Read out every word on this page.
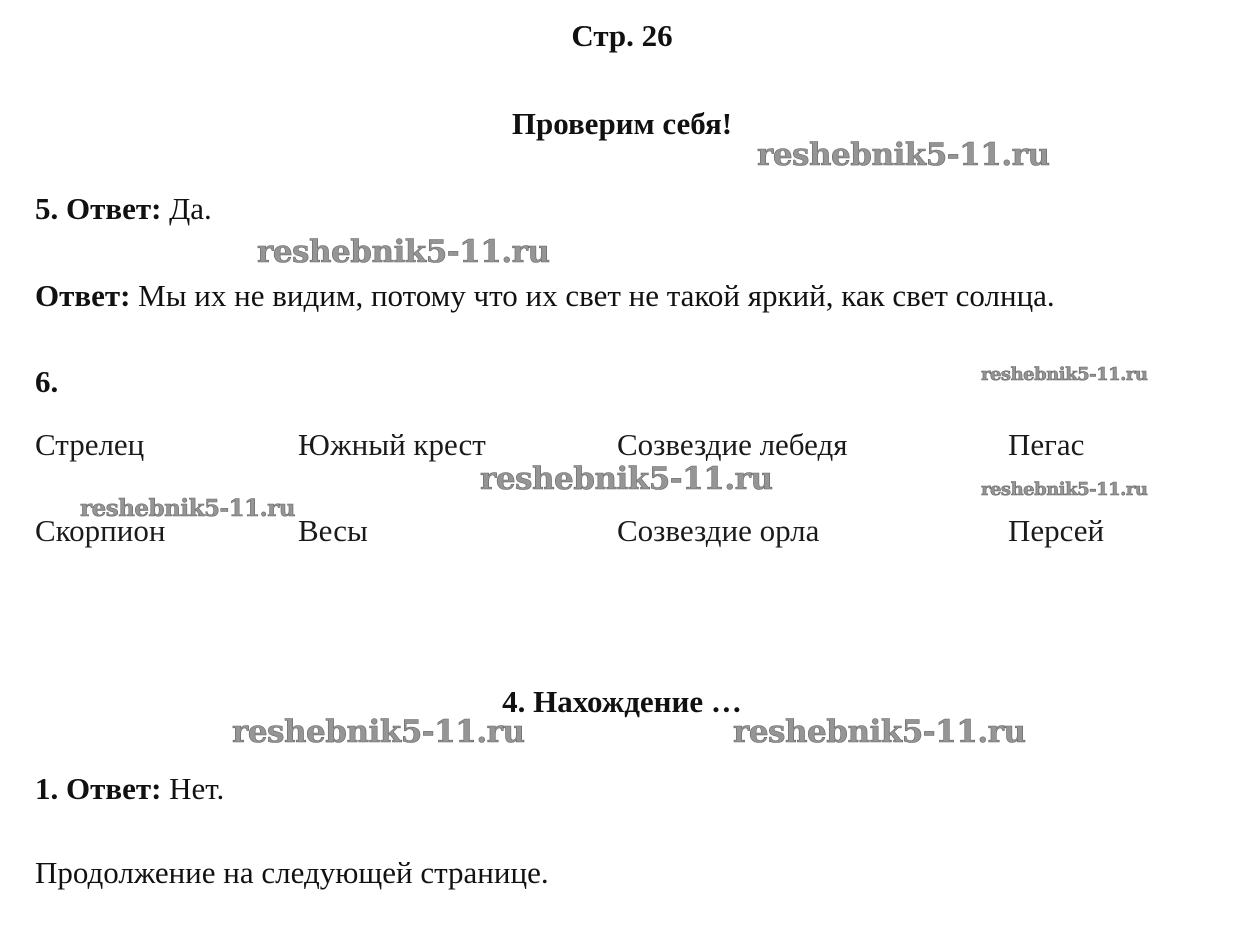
Стр. 26
Проверим себя!
5. Ответ: Да.
Ответ: Мы их не видим, потому что их свет не такой яркий, как свет солнца.
6.
Стрелец	Южный крест	Созвездие лебедя	Пегас
Скорпион	Весы	Созвездие орла	Персей
4. Нахождение …
1. Ответ: Нет.
Продолжение на следующей странице.
reshebnik5-11.ru
reshebnik5-11.ru
reshebnik5-11.ru
reshebnik5-11.ru	reshebnik5-11.ru
reshebnik5-11.ru
reshebnik5-11.ru	reshebnik5-11.ru
